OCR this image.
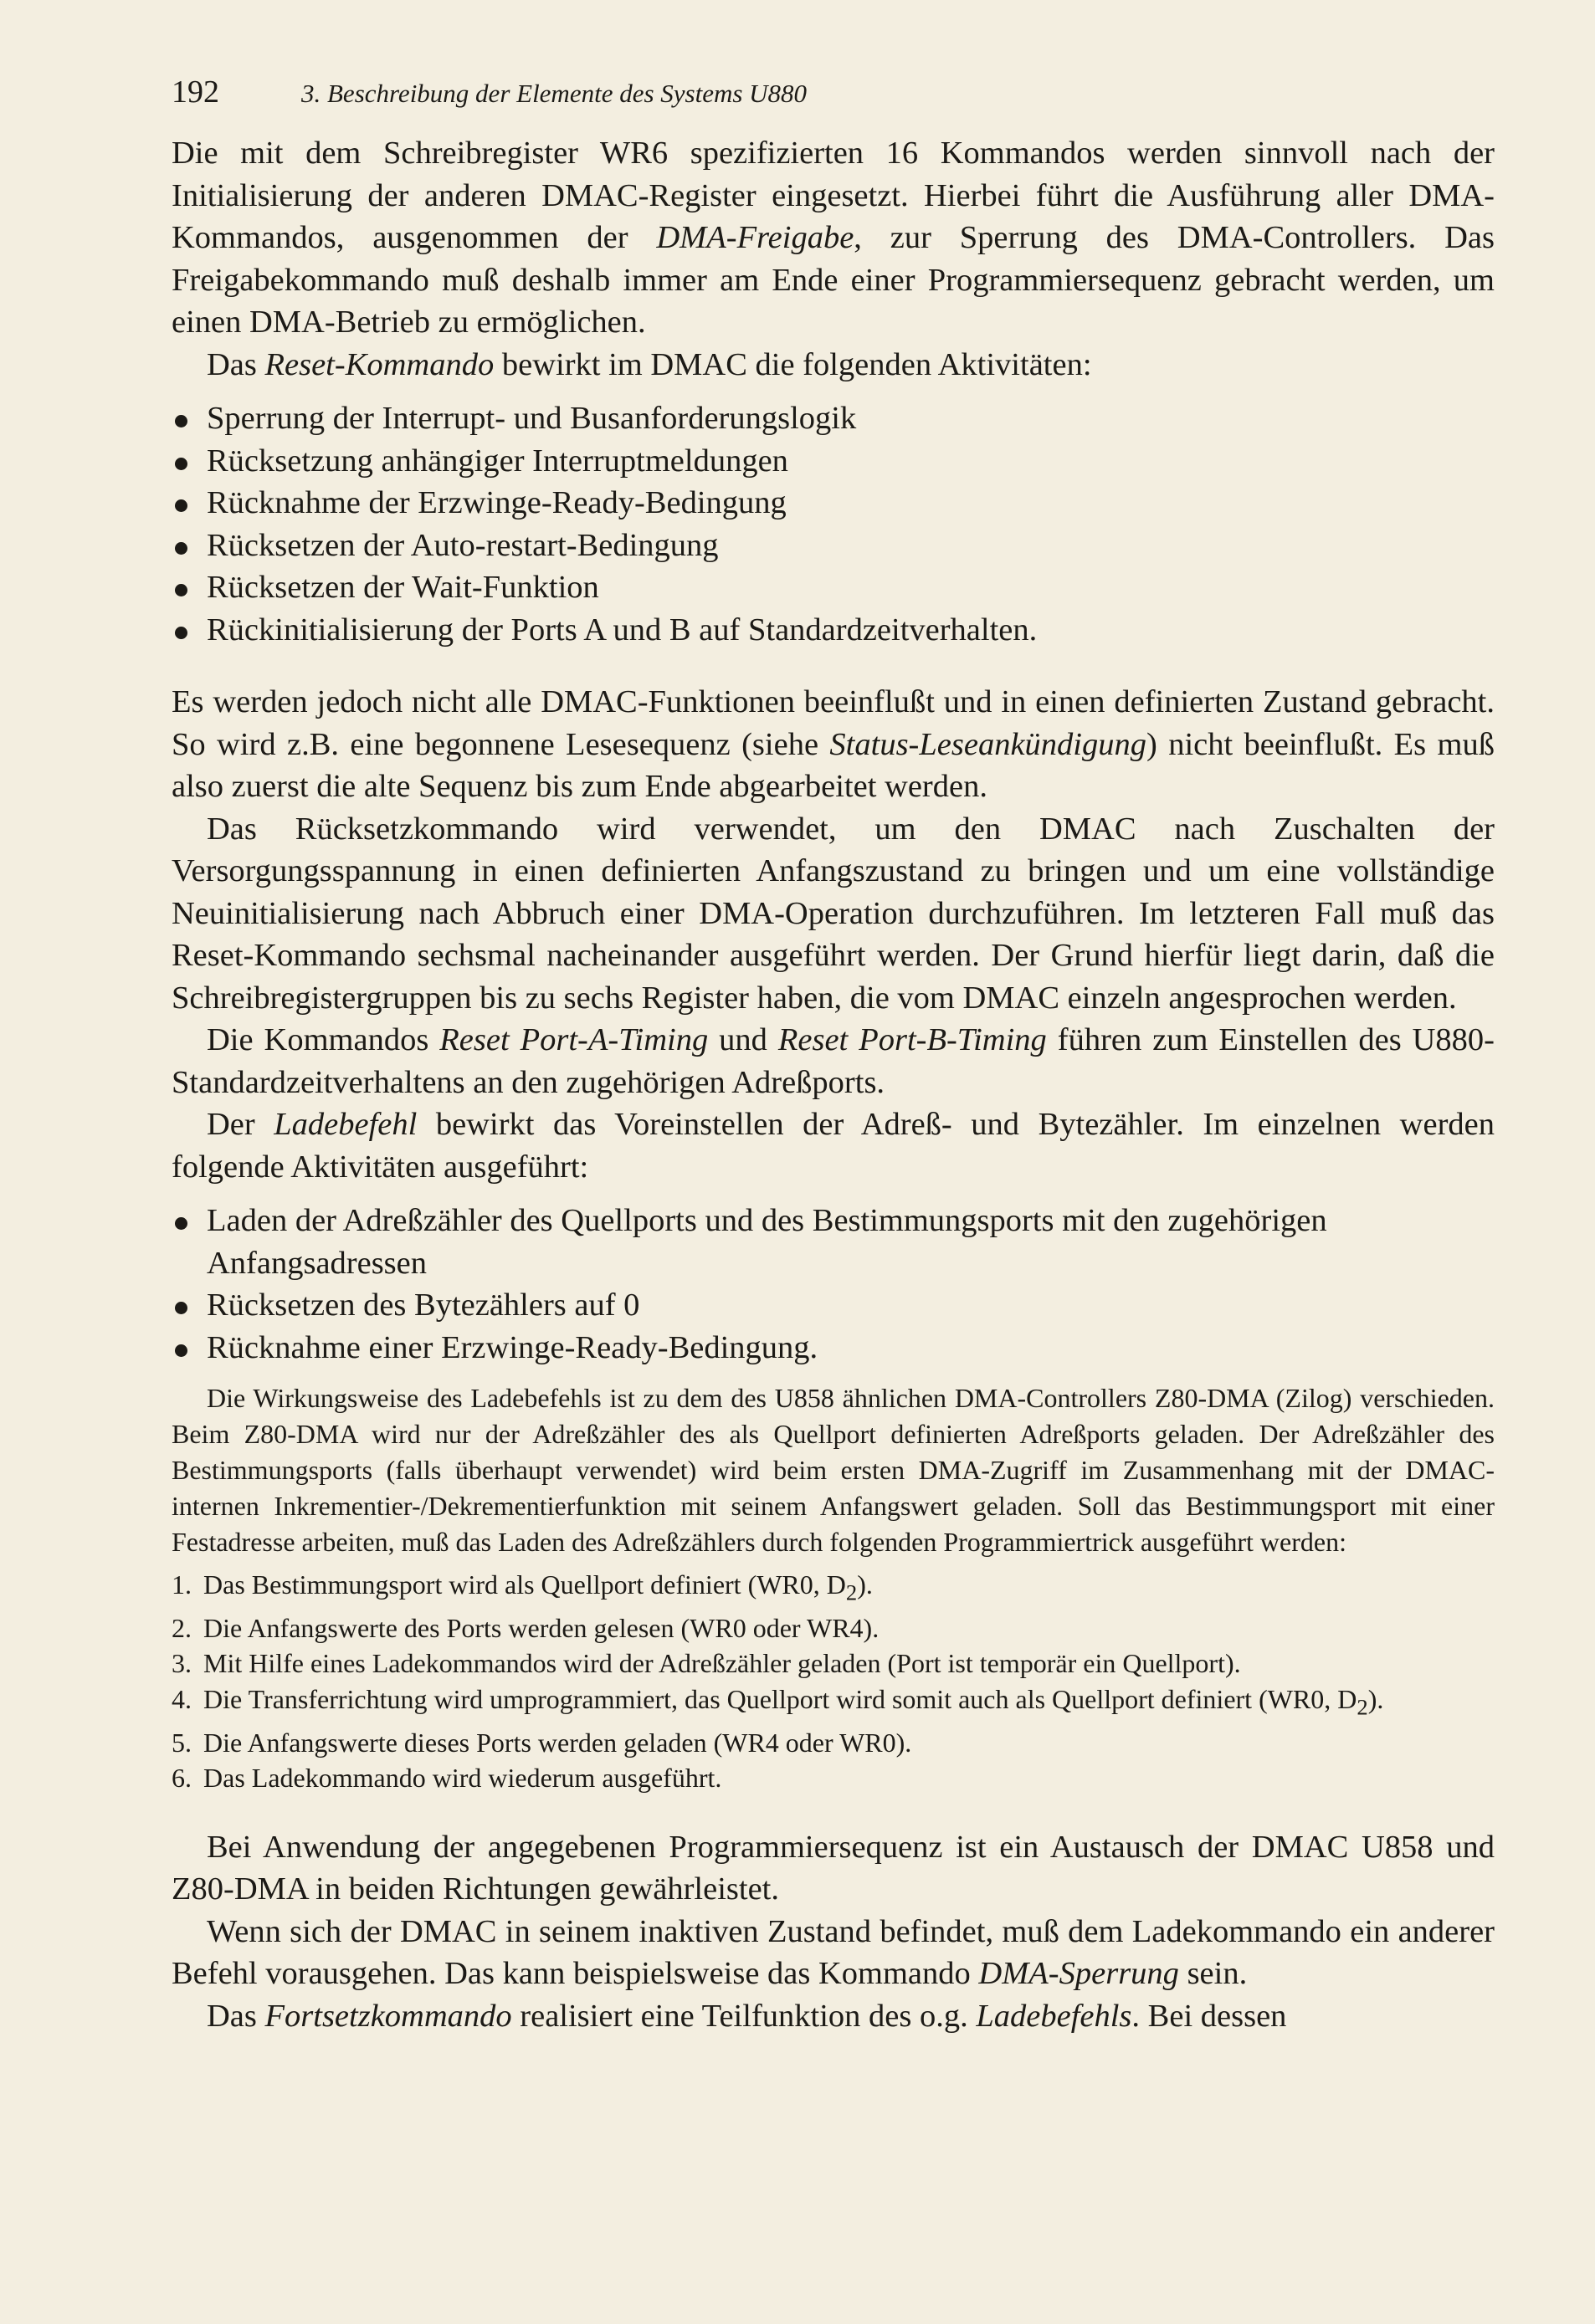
192	3. Beschreibung der Elemente des Systems U880

Die mit dem Schreibregister WR6 spezifizierten 16 Kommandos werden sinnvoll nach der Initialisierung der anderen DMAC-Register eingesetzt. Hierbei führt die Ausführung aller DMA-Kommandos, ausgenommen der DMA-Freigabe, zur Sperrung des DMA-Controllers. Das Freigabekommando muß deshalb immer am Ende einer Programmiersequenz gebracht werden, um einen DMA-Betrieb zu ermöglichen.

Das Reset-Kommando bewirkt im DMAC die folgenden Aktivitäten:

Sperrung der Interrupt- und Busanforderungslogik
Rücksetzung anhängiger Interruptmeldungen
Rücknahme der Erzwinge-Ready-Bedingung
Rücksetzen der Auto-restart-Bedingung
Rücksetzen der Wait-Funktion
Rückinitialisierung der Ports A und B auf Standardzeitverhalten.

Es werden jedoch nicht alle DMAC-Funktionen beeinflußt und in einen definierten Zustand gebracht. So wird z.B. eine begonnene Lesesequenz (siehe Status-Leseankündigung) nicht beeinflußt. Es muß also zuerst die alte Sequenz bis zum Ende abgearbeitet werden.

Das Rücksetzkommando wird verwendet, um den DMAC nach Zuschalten der Versorgungsspannung in einen definierten Anfangszustand zu bringen und um eine vollständige Neuinitialisierung nach Abbruch einer DMA-Operation durchzuführen. Im letzteren Fall muß das Reset-Kommando sechsmal nacheinander ausgeführt werden. Der Grund hierfür liegt darin, daß die Schreibregistergruppen bis zu sechs Register haben, die vom DMAC einzeln angesprochen werden.

Die Kommandos Reset Port-A-Timing und Reset Port-B-Timing führen zum Einstellen des U880-Standardzeitverhaltens an den zugehörigen Adreßports.

Der Ladebefehl bewirkt das Voreinstellen der Adreß- und Bytezähler. Im einzelnen werden folgende Aktivitäten ausgeführt:

Laden der Adreßzähler des Quellports und des Bestimmungsports mit den zugehörigen Anfangsadressen
Rücksetzen des Bytezählers auf 0
Rücknahme einer Erzwinge-Ready-Bedingung.

Die Wirkungsweise des Ladebefehls ist zu dem des U858 ähnlichen DMA-Controllers Z80-DMA (Zilog) verschieden. Beim Z80-DMA wird nur der Adreßzähler des als Quellport definierten Adreßports geladen. Der Adreßzähler des Bestimmungsports (falls überhaupt verwendet) wird beim ersten DMA-Zugriff im Zusammenhang mit der DMAC-internen Inkrementier-/Dekrementierfunktion mit seinem Anfangswert geladen. Soll das Bestimmungsport mit einer Festadresse arbeiten, muß das Laden des Adreßzählers durch folgenden Programmiertrick ausgeführt werden:

1. Das Bestimmungsport wird als Quellport definiert (WR0, $D_2$).
2. Die Anfangswerte des Ports werden gelesen (WR0 oder WR4).
3. Mit Hilfe eines Ladekommandos wird der Adreßzähler geladen (Port ist temporär ein Quellport).
4. Die Transferrichtung wird umprogrammiert, das Quellport wird somit auch als Quellport definiert (WR0, $D_2$).
5. Die Anfangswerte dieses Ports werden geladen (WR4 oder WR0).
6. Das Ladekommando wird wiederum ausgeführt.

Bei Anwendung der angegebenen Programmiersequenz ist ein Austausch der DMAC U858 und Z80-DMA in beiden Richtungen gewährleistet.

Wenn sich der DMAC in seinem inaktiven Zustand befindet, muß dem Ladekommando ein anderer Befehl vorausgehen. Das kann beispielsweise das Kommando DMA-Sperrung sein.

Das Fortsetzkommando realisiert eine Teilfunktion des o.g. Ladebefehls. Bei dessen
